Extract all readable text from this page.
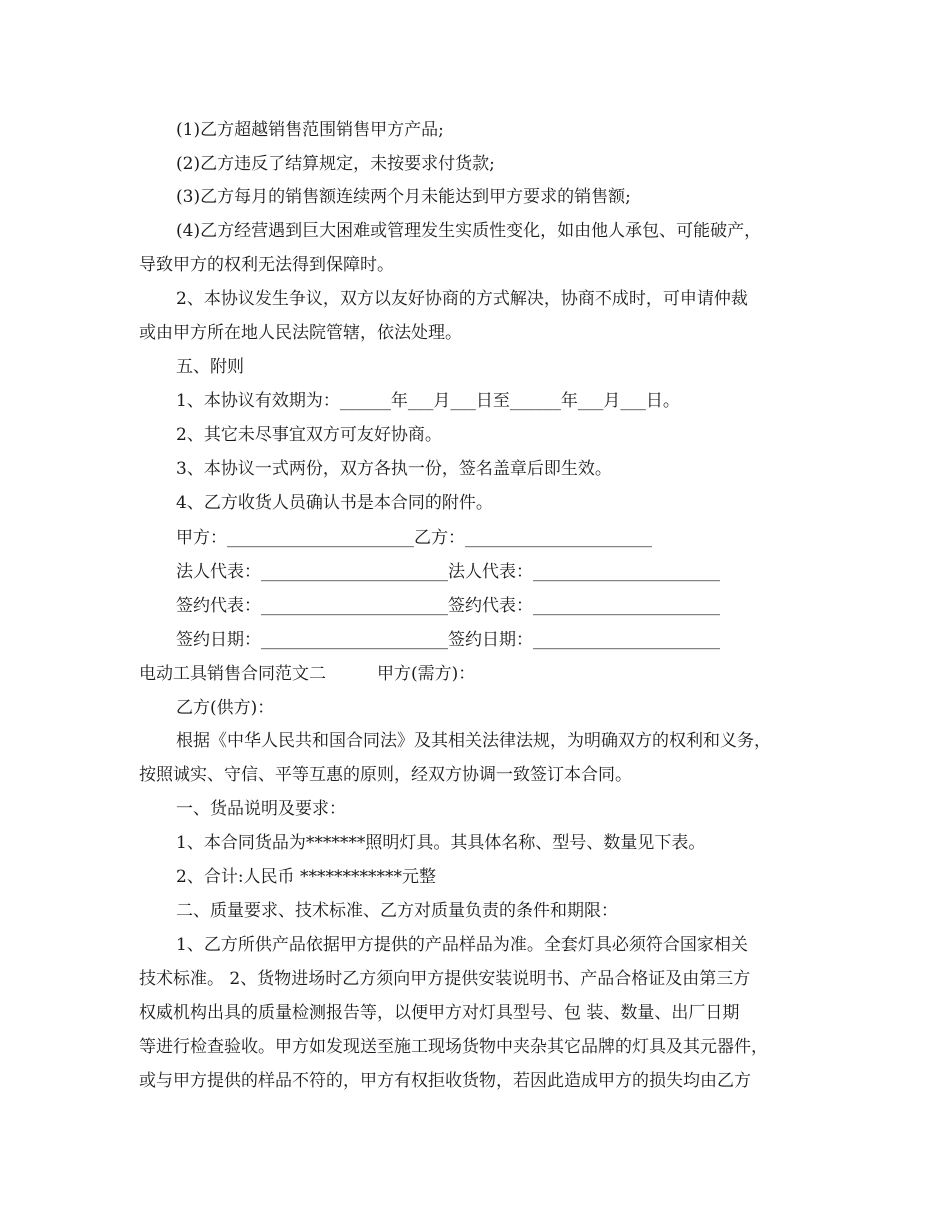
(1)乙方超越销售范围销售甲方产品;
(2)乙方违反了结算规定，未按要求付货款;
(3)乙方每月的销售额连续两个月未能达到甲方要求的销售额;
(4)乙方经营遇到巨大困难或管理发生实质性变化，如由他人承包、可能破产，
导致甲方的权利无法得到保障时。
2、本协议发生争议，双方以友好协商的方式解决，协商不成时，可申请仲裁
或由甲方所在地人民法院管辖，依法处理。
五、附则
1、本协议有效期为：______年___月___日至______年___月___日。
2、其它未尽事宜双方可友好协商。
3、本协议一式两份，双方各执一份，签名盖章后即生效。
4、乙方收货人员确认书是本合同的附件。
甲方：______________________乙方：______________________
法人代表：______________________法人代表：______________________
签约代表：______________________签约代表：______________________
签约日期：______________________签约日期：______________________
电动工具销售合同范文二　　　甲方(需方)：
乙方(供方)：
根据《中华人民共和国合同法》及其相关法律法规，为明确双方的权利和义务，
按照诚实、守信、平等互惠的原则，经双方协调一致签订本合同。
一、货品说明及要求：
1、本合同货品为*******照明灯具。其具体名称、型号、数量见下表。
2、合计:人民币 ************元整
二、质量要求、技术标准、乙方对质量负责的条件和期限：
1、乙方所供产品依据甲方提供的产品样品为准。全套灯具必须符合国家相关
技术标准。 2、货物进场时乙方须向甲方提供安装说明书、产品合格证及由第三方
权威机构出具的质量检测报告等，以便甲方对灯具型号、包 装、数量、出厂日期
等进行检查验收。甲方如发现送至施工现场货物中夹杂其它品牌的灯具及其元器件，
或与甲方提供的样品不符的，甲方有权拒收货物，若因此造成甲方的损失均由乙方
